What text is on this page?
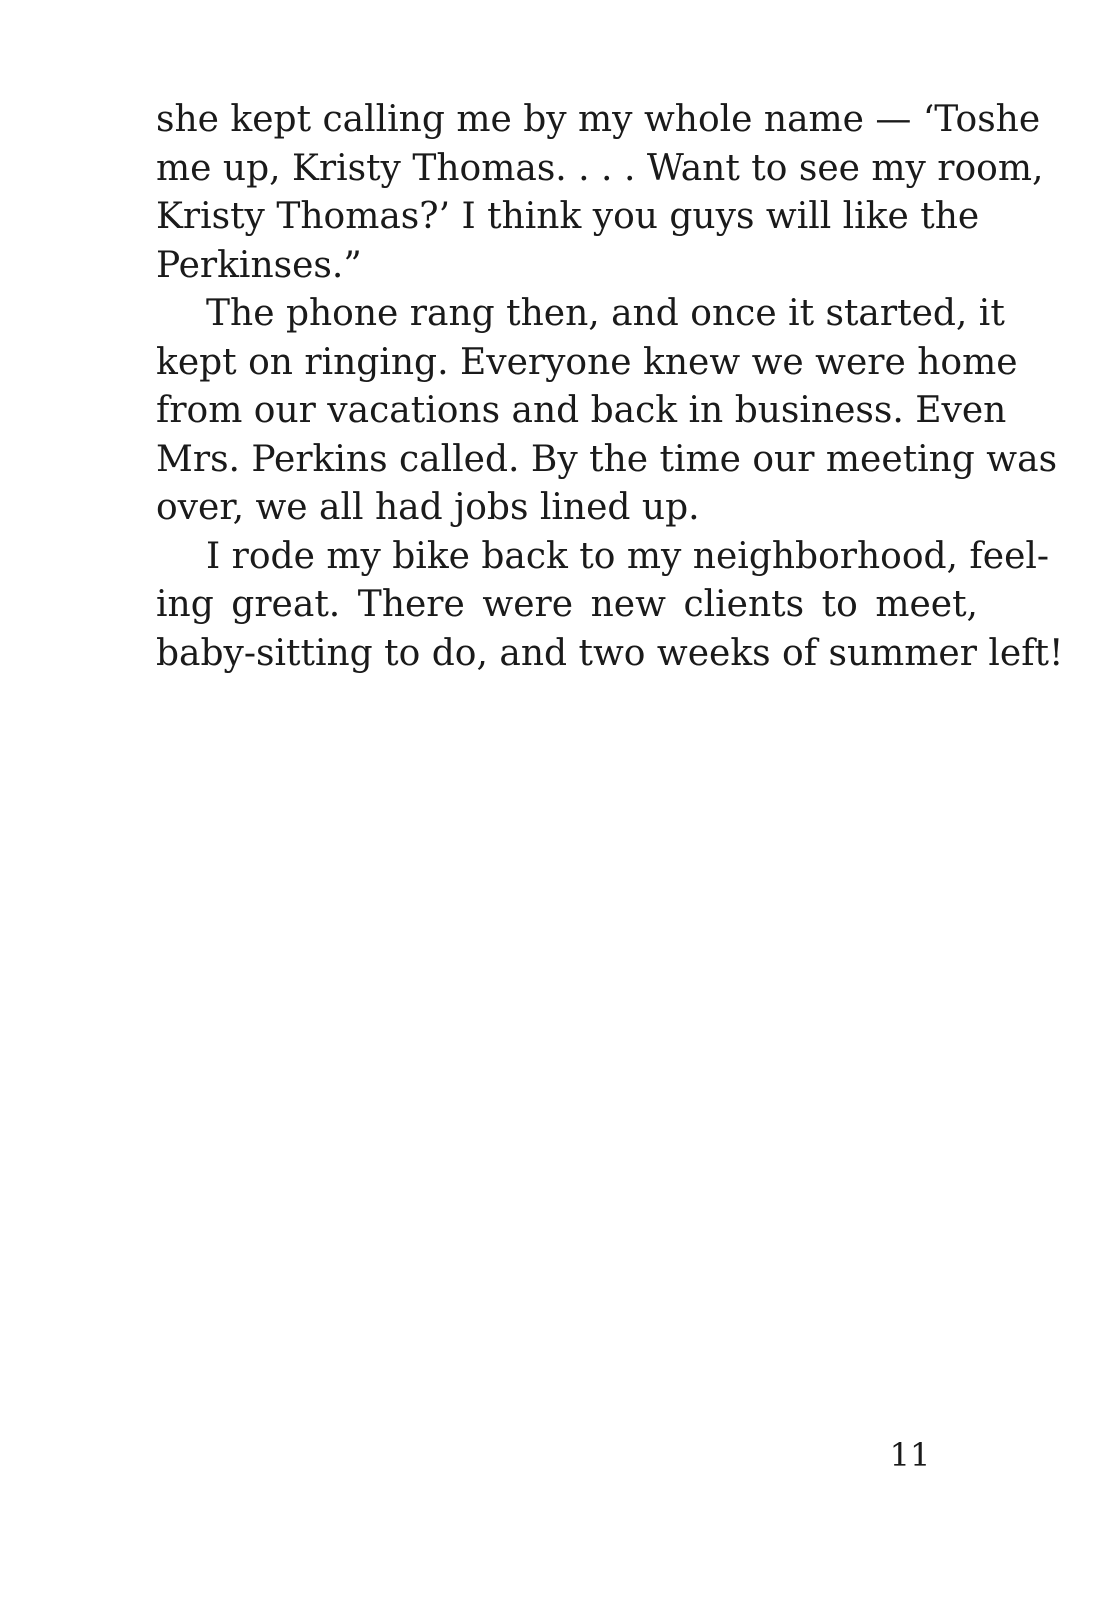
she kept calling me by my whole name — ‘Toshe
me up, Kristy Thomas. . . . Want to see my room,
Kristy Thomas?’ I think you guys will like the
Perkinses.”
The phone rang then, and once it started, it
kept on ringing. Everyone knew we were home
from our vacations and back in business. Even
Mrs. Perkins called. By the time our meeting was
over, we all had jobs lined up.
I rode my bike back to my neighborhood, feel-
ing great. There were new clients to meet,
baby-sitting to do, and two weeks of summer left!
11
